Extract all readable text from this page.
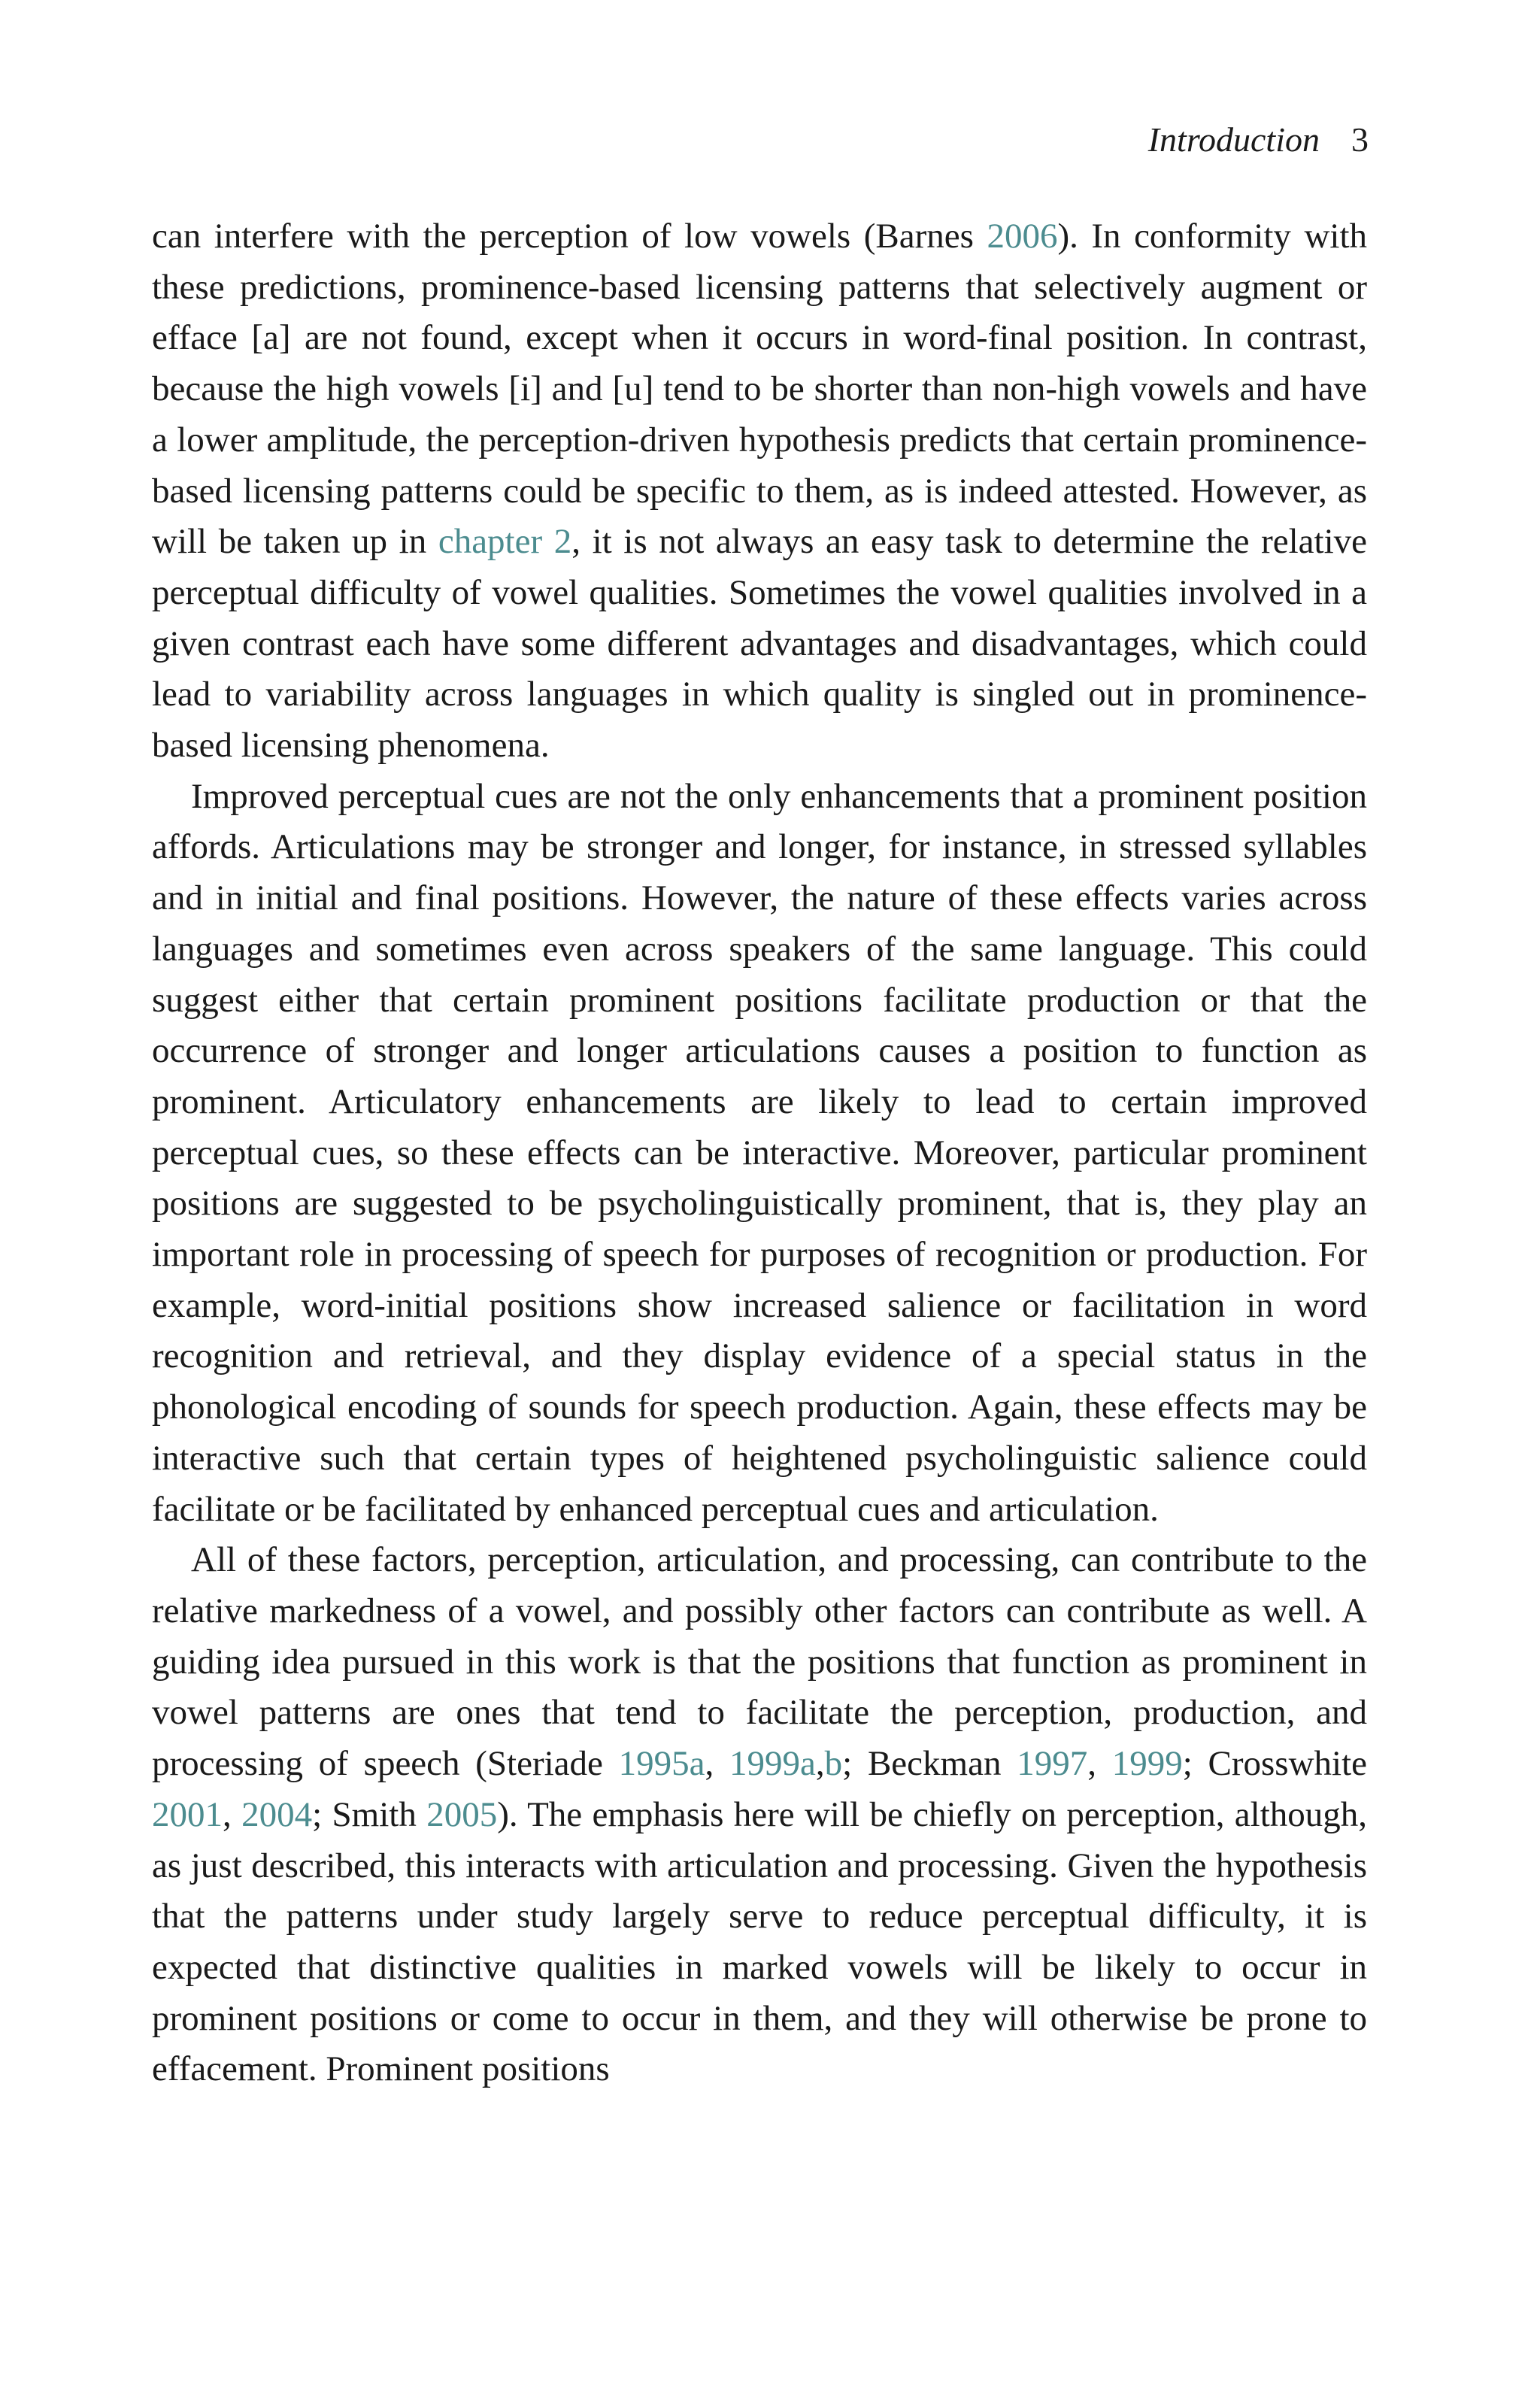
Introduction 3

can interfere with the perception of low vowels (Barnes 2006). In conformity with these predictions, prominence-based licensing patterns that selectively augment or efface [a] are not found, except when it occurs in word-final position. In contrast, because the high vowels [i] and [u] tend to be shorter than non-high vowels and have a lower amplitude, the perception-driven hypothesis predicts that certain prominence-based licensing patterns could be specific to them, as is indeed attested. However, as will be taken up in chapter 2, it is not always an easy task to determine the relative perceptual difficulty of vowel qualities. Sometimes the vowel qualities involved in a given contrast each have some different advantages and disadvantages, which could lead to variability across languages in which quality is singled out in prominence-based licensing phenomena.

Improved perceptual cues are not the only enhancements that a prominent position affords. Articulations may be stronger and longer, for instance, in stressed syllables and in initial and final positions. However, the nature of these effects varies across languages and sometimes even across speakers of the same language. This could suggest either that certain prominent positions facilitate production or that the occurrence of stronger and longer articulations causes a position to function as prominent. Articulatory enhancements are likely to lead to certain improved perceptual cues, so these effects can be interactive. Moreover, particular prominent positions are suggested to be psycholinguistically prominent, that is, they play an important role in processing of speech for purposes of recognition or production. For example, word-initial positions show increased salience or facilitation in word recognition and retrieval, and they display evidence of a special status in the phonological encoding of sounds for speech production. Again, these effects may be interactive such that certain types of heightened psycholinguistic salience could facilitate or be facilitated by enhanced perceptual cues and articulation.

All of these factors, perception, articulation, and processing, can contribute to the relative markedness of a vowel, and possibly other factors can contribute as well. A guiding idea pursued in this work is that the positions that function as prominent in vowel patterns are ones that tend to facilitate the perception, production, and processing of speech (Steriade 1995a, 1999a,b; Beckman 1997, 1999; Crosswhite 2001, 2004; Smith 2005). The emphasis here will be chiefly on perception, although, as just described, this interacts with articulation and processing. Given the hypothesis that the patterns under study largely serve to reduce perceptual difficulty, it is expected that distinctive qualities in marked vowels will be likely to occur in prominent positions or come to occur in them, and they will otherwise be prone to effacement. Prominent positions
